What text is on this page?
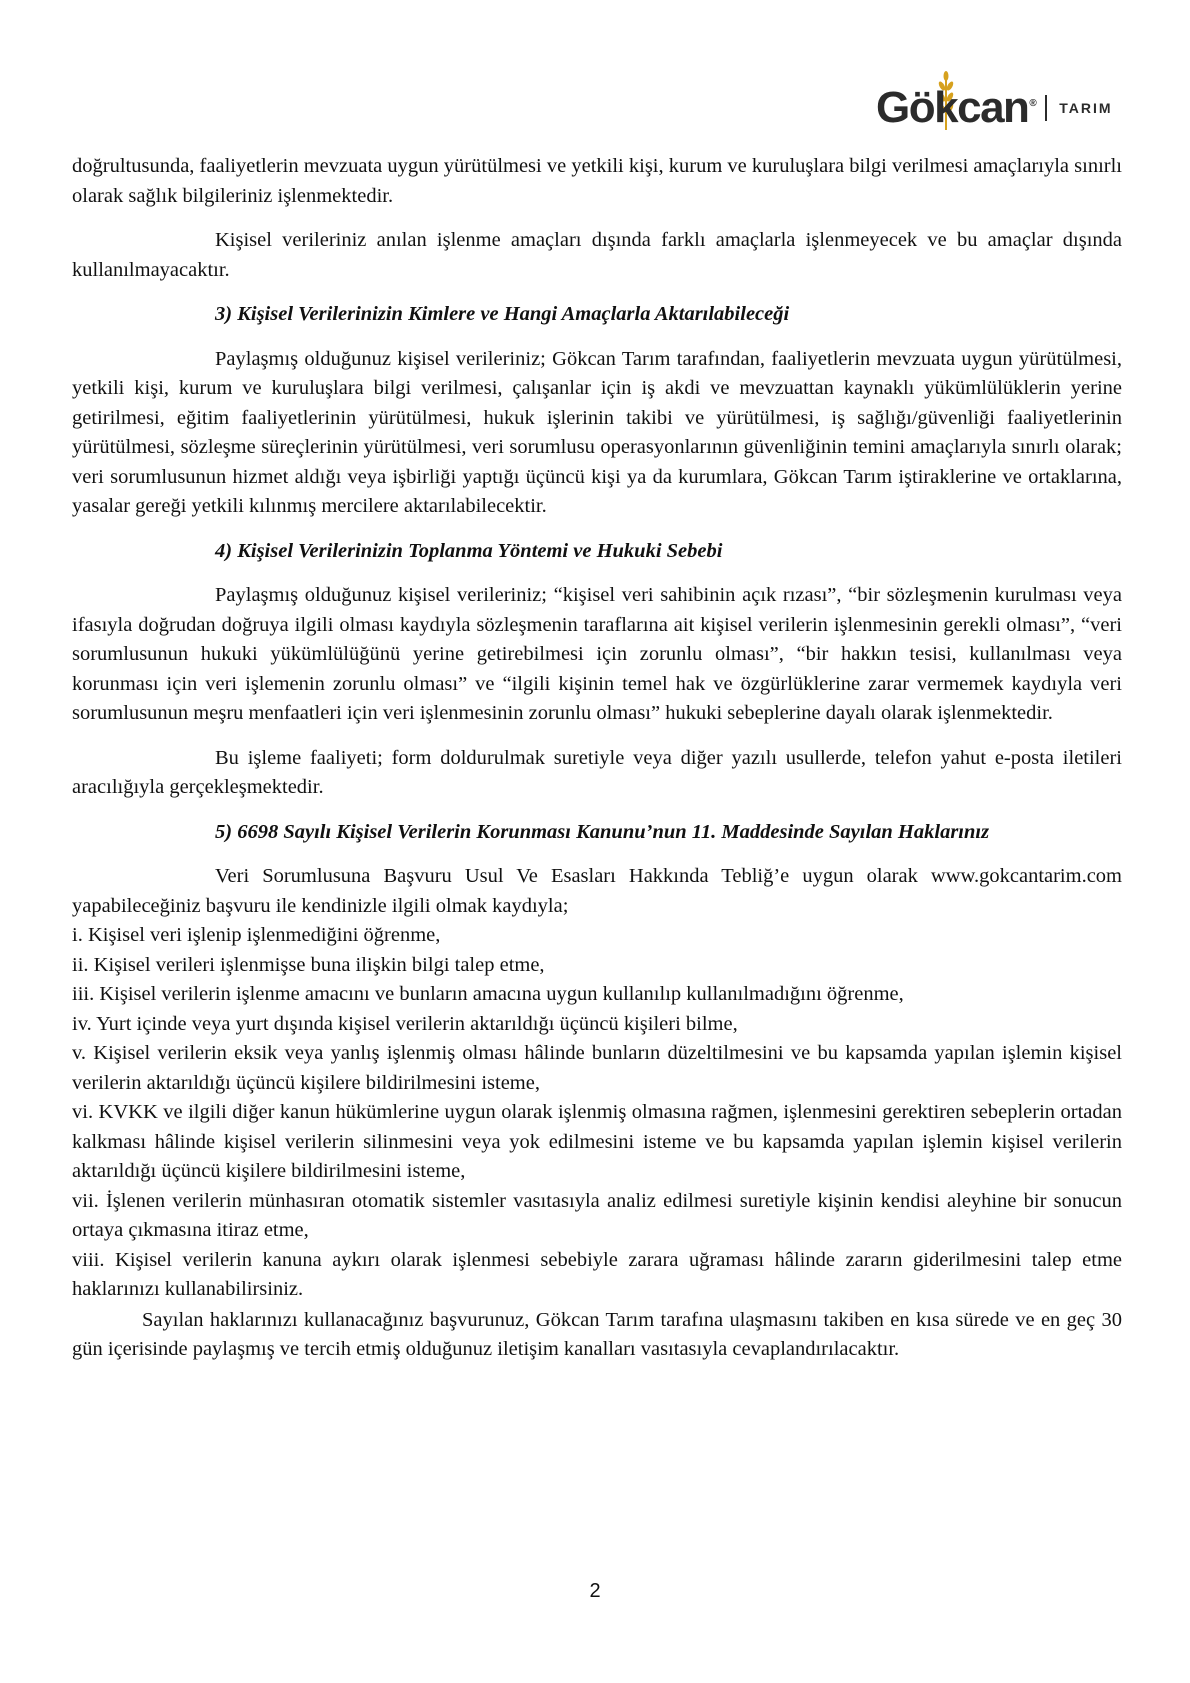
Gö
kcan® TARIM

doğrultusunda, faaliyetlerin mevzuata uygun yürütülmesi ve yetkili kişi, kurum ve kuruluşlara bilgi verilmesi amaçlarıyla sınırlı olarak sağlık bilgileriniz işlenmektedir.

Kişisel verileriniz anılan işlenme amaçları dışında farklı amaçlarla işlenmeyecek ve bu amaçlar dışında kullanılmayacaktır.

3) Kişisel Verilerinizin Kimlere ve Hangi Amaçlarla Aktarılabileceği

Paylaşmış olduğunuz kişisel verileriniz; Gökcan Tarım tarafından, faaliyetlerin mevzuata uygun yürütülmesi, yetkili kişi, kurum ve kuruluşlara bilgi verilmesi, çalışanlar için iş akdi ve mevzuattan kaynaklı yükümlülüklerin yerine getirilmesi, eğitim faaliyetlerinin yürütülmesi, hukuk işlerinin takibi ve yürütülmesi, iş sağlığı/güvenliği faaliyetlerinin yürütülmesi, sözleşme süreçlerinin yürütülmesi, veri sorumlusu operasyonlarının güvenliğinin temini amaçlarıyla sınırlı olarak; veri sorumlusunun hizmet aldığı veya işbirliği yaptığı üçüncü kişi ya da kurumlara, Gökcan Tarım iştiraklerine ve ortaklarına, yasalar gereği yetkili kılınmış mercilere aktarılabilecektir.

4) Kişisel Verilerinizin Toplanma Yöntemi ve Hukuki Sebebi

Paylaşmış olduğunuz kişisel verileriniz; “kişisel veri sahibinin açık rızası”, “bir sözleşmenin kurulması veya ifasıyla doğrudan doğruya ilgili olması kaydıyla sözleşmenin taraflarına ait kişisel verilerin işlenmesinin gerekli olması”, “veri sorumlusunun hukuki yükümlülüğünü yerine getirebilmesi için zorunlu olması”, “bir hakkın tesisi, kullanılması veya korunması için veri işlemenin zorunlu olması” ve “ilgili kişinin temel hak ve özgürlüklerine zarar vermemek kaydıyla veri sorumlusunun meşru menfaatleri için veri işlenmesinin zorunlu olması” hukuki sebeplerine dayalı olarak işlenmektedir.

Bu işleme faaliyeti; form doldurulmak suretiyle veya diğer yazılı usullerde, telefon yahut e-posta iletileri aracılığıyla gerçekleşmektedir.

5) 6698 Sayılı Kişisel Verilerin Korunması Kanunu’nun 11. Maddesinde Sayılan Haklarınız

Veri Sorumlusuna Başvuru Usul Ve Esasları Hakkında Tebliğ’e uygun olarak www.gokcantarim.com yapabileceğiniz başvuru ile kendinizle ilgili olmak kaydıyla;

i. Kişisel veri işlenip işlenmediğini öğrenme,
ii. Kişisel verileri işlenmişse buna ilişkin bilgi talep etme,
iii. Kişisel verilerin işlenme amacını ve bunların amacına uygun kullanılıp kullanılmadığını öğrenme,
iv. Yurt içinde veya yurt dışında kişisel verilerin aktarıldığı üçüncü kişileri bilme,
v. Kişisel verilerin eksik veya yanlış işlenmiş olması hâlinde bunların düzeltilmesini ve bu kapsamda yapılan işlemin kişisel verilerin aktarıldığı üçüncü kişilere bildirilmesini isteme,
vi. KVKK ve ilgili diğer kanun hükümlerine uygun olarak işlenmiş olmasına rağmen, işlenmesini gerektiren sebeplerin ortadan kalkması hâlinde kişisel verilerin silinmesini veya yok edilmesini isteme ve bu kapsamda yapılan işlemin kişisel verilerin aktarıldığı üçüncü kişilere bildirilmesini isteme,
vii. İşlenen verilerin münhasıran otomatik sistemler vasıtasıyla analiz edilmesi suretiyle kişinin kendisi aleyhine bir sonucun ortaya çıkmasına itiraz etme,
viii. Kişisel verilerin kanuna aykırı olarak işlenmesi sebebiyle zarara uğraması hâlinde zararın giderilmesini talep etme haklarınızı kullanabilirsiniz.

Sayılan haklarınızı kullanacağınız başvurunuz, Gökcan Tarım tarafına ulaşmasını takiben en kısa sürede ve en geç 30 gün içerisinde paylaşmış ve tercih etmiş olduğunuz iletişim kanalları vasıtasıyla cevaplandırılacaktır.

2
